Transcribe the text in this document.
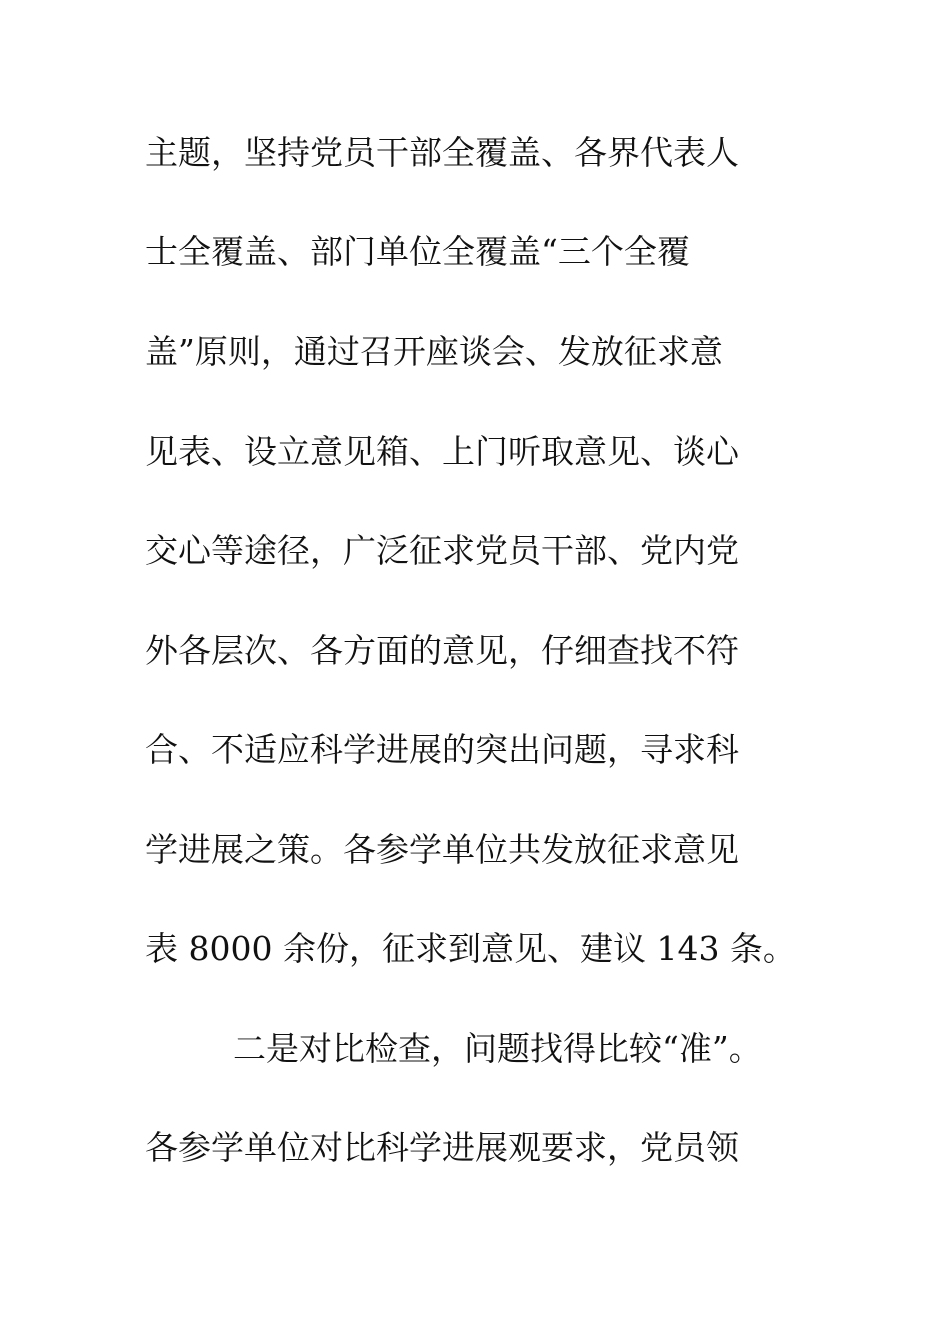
主题，坚持党员干部全覆盖、各界代表人
士全覆盖、部门单位全覆盖“三个全覆
盖”原则，通过召开座谈会、发放征求意
见表、设立意见箱、上门听取意见、谈心
交心等途径，广泛征求党员干部、党内党
外各层次、各方面的意见，仔细查找不符
合、不适应科学进展的突出问题，寻求科
学进展之策。各参学单位共发放征求意见
表 8000 余份，征求到意见、建议 143 条。
二是对比检查，问题找得比较“准”。
各参学单位对比科学进展观要求，党员领
